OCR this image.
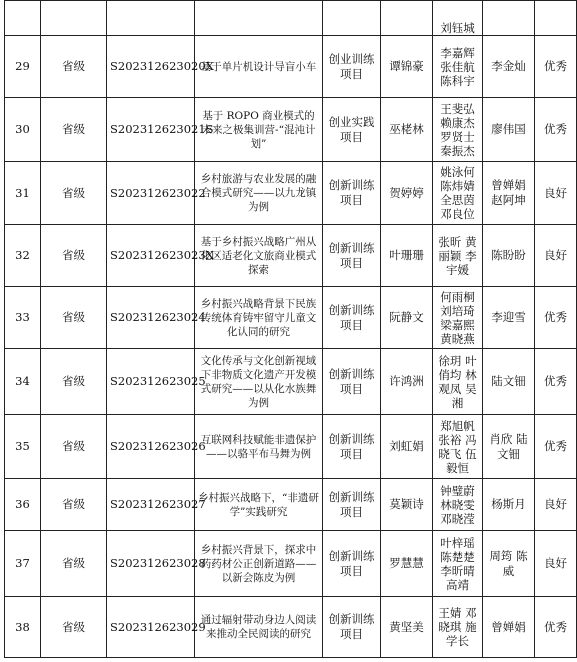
						刘钰城		
29	省级	S202312623020X	基于单片机设计导盲小车	创业训练项目	谭锦豪	李嘉辉 张佳航 陈科宇	李金灿	优秀
30	省级	S202312623021S	基于 ROPO 商业模式的未来之极集训营-“混沌计划”	创业实践项目	巫栳林	王斐弘 赖康杰 罗贤士 秦振杰	廖伟国	优秀
31	省级	S202312623022	乡村旅游与农业发展的融合模式研究——以九龙镇为例	创新训练项目	贺婷婷	姚泳何 陈炜婧 全思茵 邓良位	曾婵娟 赵阿坤	良好
32	省级	S202312623023X	基于乡村振兴战略广州从化区适老化文旅商业模式探索	创新训练项目	叶珊珊	张昕 黄丽颖 李宇媛	陈盼盼	良好
33	省级	S202312623024	乡村振兴战略背景下民族传统体育铸牢留守儿童文化认同的研究	创新训练项目	阮静文	何雨桐 刘培琦 梁嘉熙 黄晓燕	李迎雪	优秀
34	省级	S202312623025	文化传承与文化创新视域下非物质文化遗产开发模式研究——以从化水族舞为例	创新训练项目	许鸿洲	徐玥 叶俏均 林观凤 吴湘	陆文钿	优秀
35	省级	S202312623026	互联网科技赋能非遗保护——以骆平布马舞为例	创新训练项目	刘虹娟	郑旭帆 张裕 冯晓飞 伍毅恒	肖欣 陆文钿	优秀
36	省级	S202312623027	乡村振兴战略下，“非遗研学”实践研究	创新训练项目	莫颖诗	钟璧蔚 林晓雯 邓晓滢	杨斯月	良好
37	省级	S202312623028	乡村振兴背景下，探求中药药材公正创新道路——以新会陈皮为例	创新训练项目	罗慧慧	叶梓瑶 陈楚楚 李昕晴 高靖	周筠 陈威	良好
38	省级	S202312623029	通过辐射带动身边人阅读来推动全民阅读的研究	创新训练项目	黄坚美	王婧 邓晓琪 施学长	曾婵娟	优秀
